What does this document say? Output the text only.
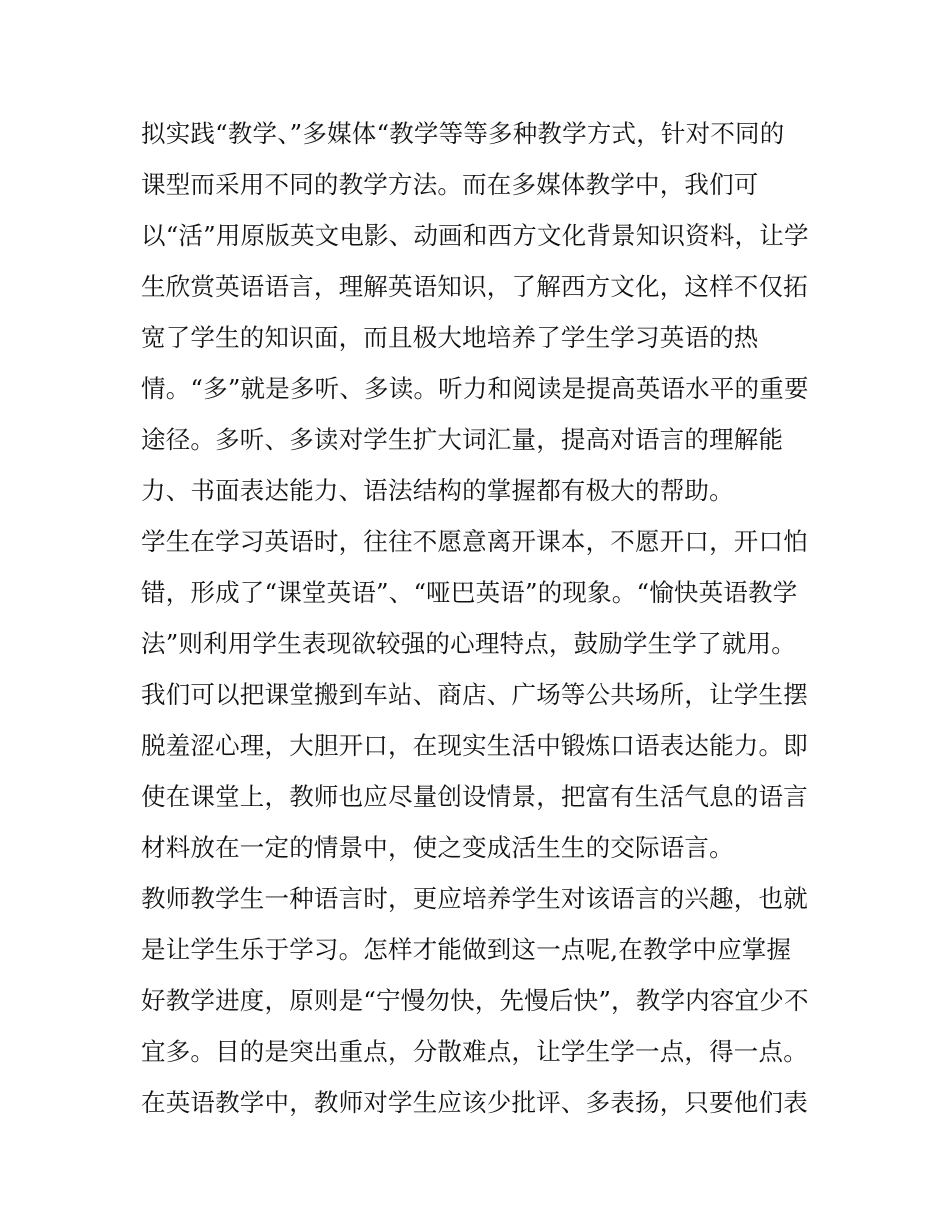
拟实践“教学、”多媒体“教学等等多种教学方式，针对不同的
课型而采用不同的教学方法。而在多媒体教学中，我们可
以“活”用原版英文电影、动画和西方文化背景知识资料，让学
生欣赏英语语言，理解英语知识，了解西方文化，这样不仅拓
宽了学生的知识面，而且极大地培养了学生学习英语的热
情。“多”就是多听、多读。听力和阅读是提高英语水平的重要
途径。多听、多读对学生扩大词汇量，提高对语言的理解能
力、书面表达能力、语法结构的掌握都有极大的帮助。
学生在学习英语时，往往不愿意离开课本，不愿开口，开口怕
错，形成了“课堂英语”、“哑巴英语”的现象。“愉快英语教学
法”则利用学生表现欲较强的心理特点，鼓励学生学了就用。
我们可以把课堂搬到车站、商店、广场等公共场所，让学生摆
脱羞涩心理，大胆开口，在现实生活中锻炼口语表达能力。即
使在课堂上，教师也应尽量创设情景，把富有生活气息的语言
材料放在一定的情景中，使之变成活生生的交际语言。
教师教学生一种语言时，更应培养学生对该语言的兴趣，也就
是让学生乐于学习。怎样才能做到这一点呢,在教学中应掌握
好教学进度，原则是“宁慢勿快，先慢后快”，教学内容宜少不
宜多。目的是突出重点，分散难点，让学生学一点，得一点。
在英语教学中，教师对学生应该少批评、多表扬，只要他们表
